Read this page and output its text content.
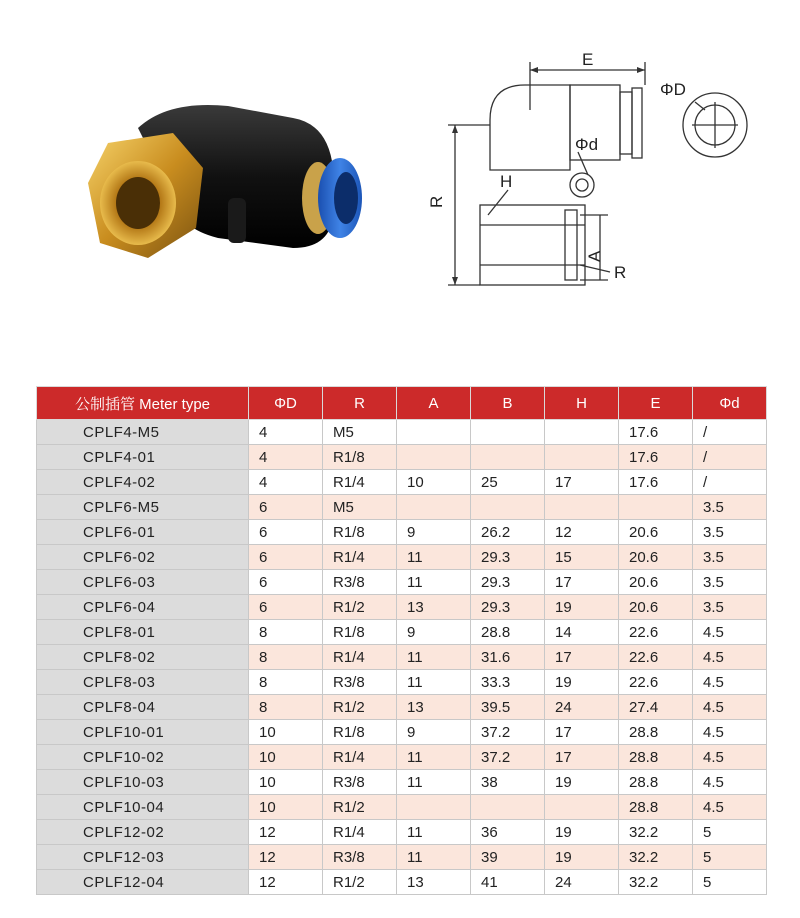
E
ΦD
Φd
H
R
A
R
公制插管 Meter type	ΦD	R	A	B	H	E	Φd
CPLF4-M5	4	M5				17.6	/
CPLF4-01	4	R1/8				17.6	/
CPLF4-02	4	R1/4	10	25	17	17.6	/
CPLF6-M5	6	M5					3.5
CPLF6-01	6	R1/8	9	26.2	12	20.6	3.5
CPLF6-02	6	R1/4	11	29.3	15	20.6	3.5
CPLF6-03	6	R3/8	11	29.3	17	20.6	3.5
CPLF6-04	6	R1/2	13	29.3	19	20.6	3.5
CPLF8-01	8	R1/8	9	28.8	14	22.6	4.5
CPLF8-02	8	R1/4	11	31.6	17	22.6	4.5
CPLF8-03	8	R3/8	11	33.3	19	22.6	4.5
CPLF8-04	8	R1/2	13	39.5	24	27.4	4.5
CPLF10-01	10	R1/8	9	37.2	17	28.8	4.5
CPLF10-02	10	R1/4	11	37.2	17	28.8	4.5
CPLF10-03	10	R3/8	11	38	19	28.8	4.5
CPLF10-04	10	R1/2				28.8	4.5
CPLF12-02	12	R1/4	11	36	19	32.2	5
CPLF12-03	12	R3/8	11	39	19	32.2	5
CPLF12-04	12	R1/2	13	41	24	32.2	5
